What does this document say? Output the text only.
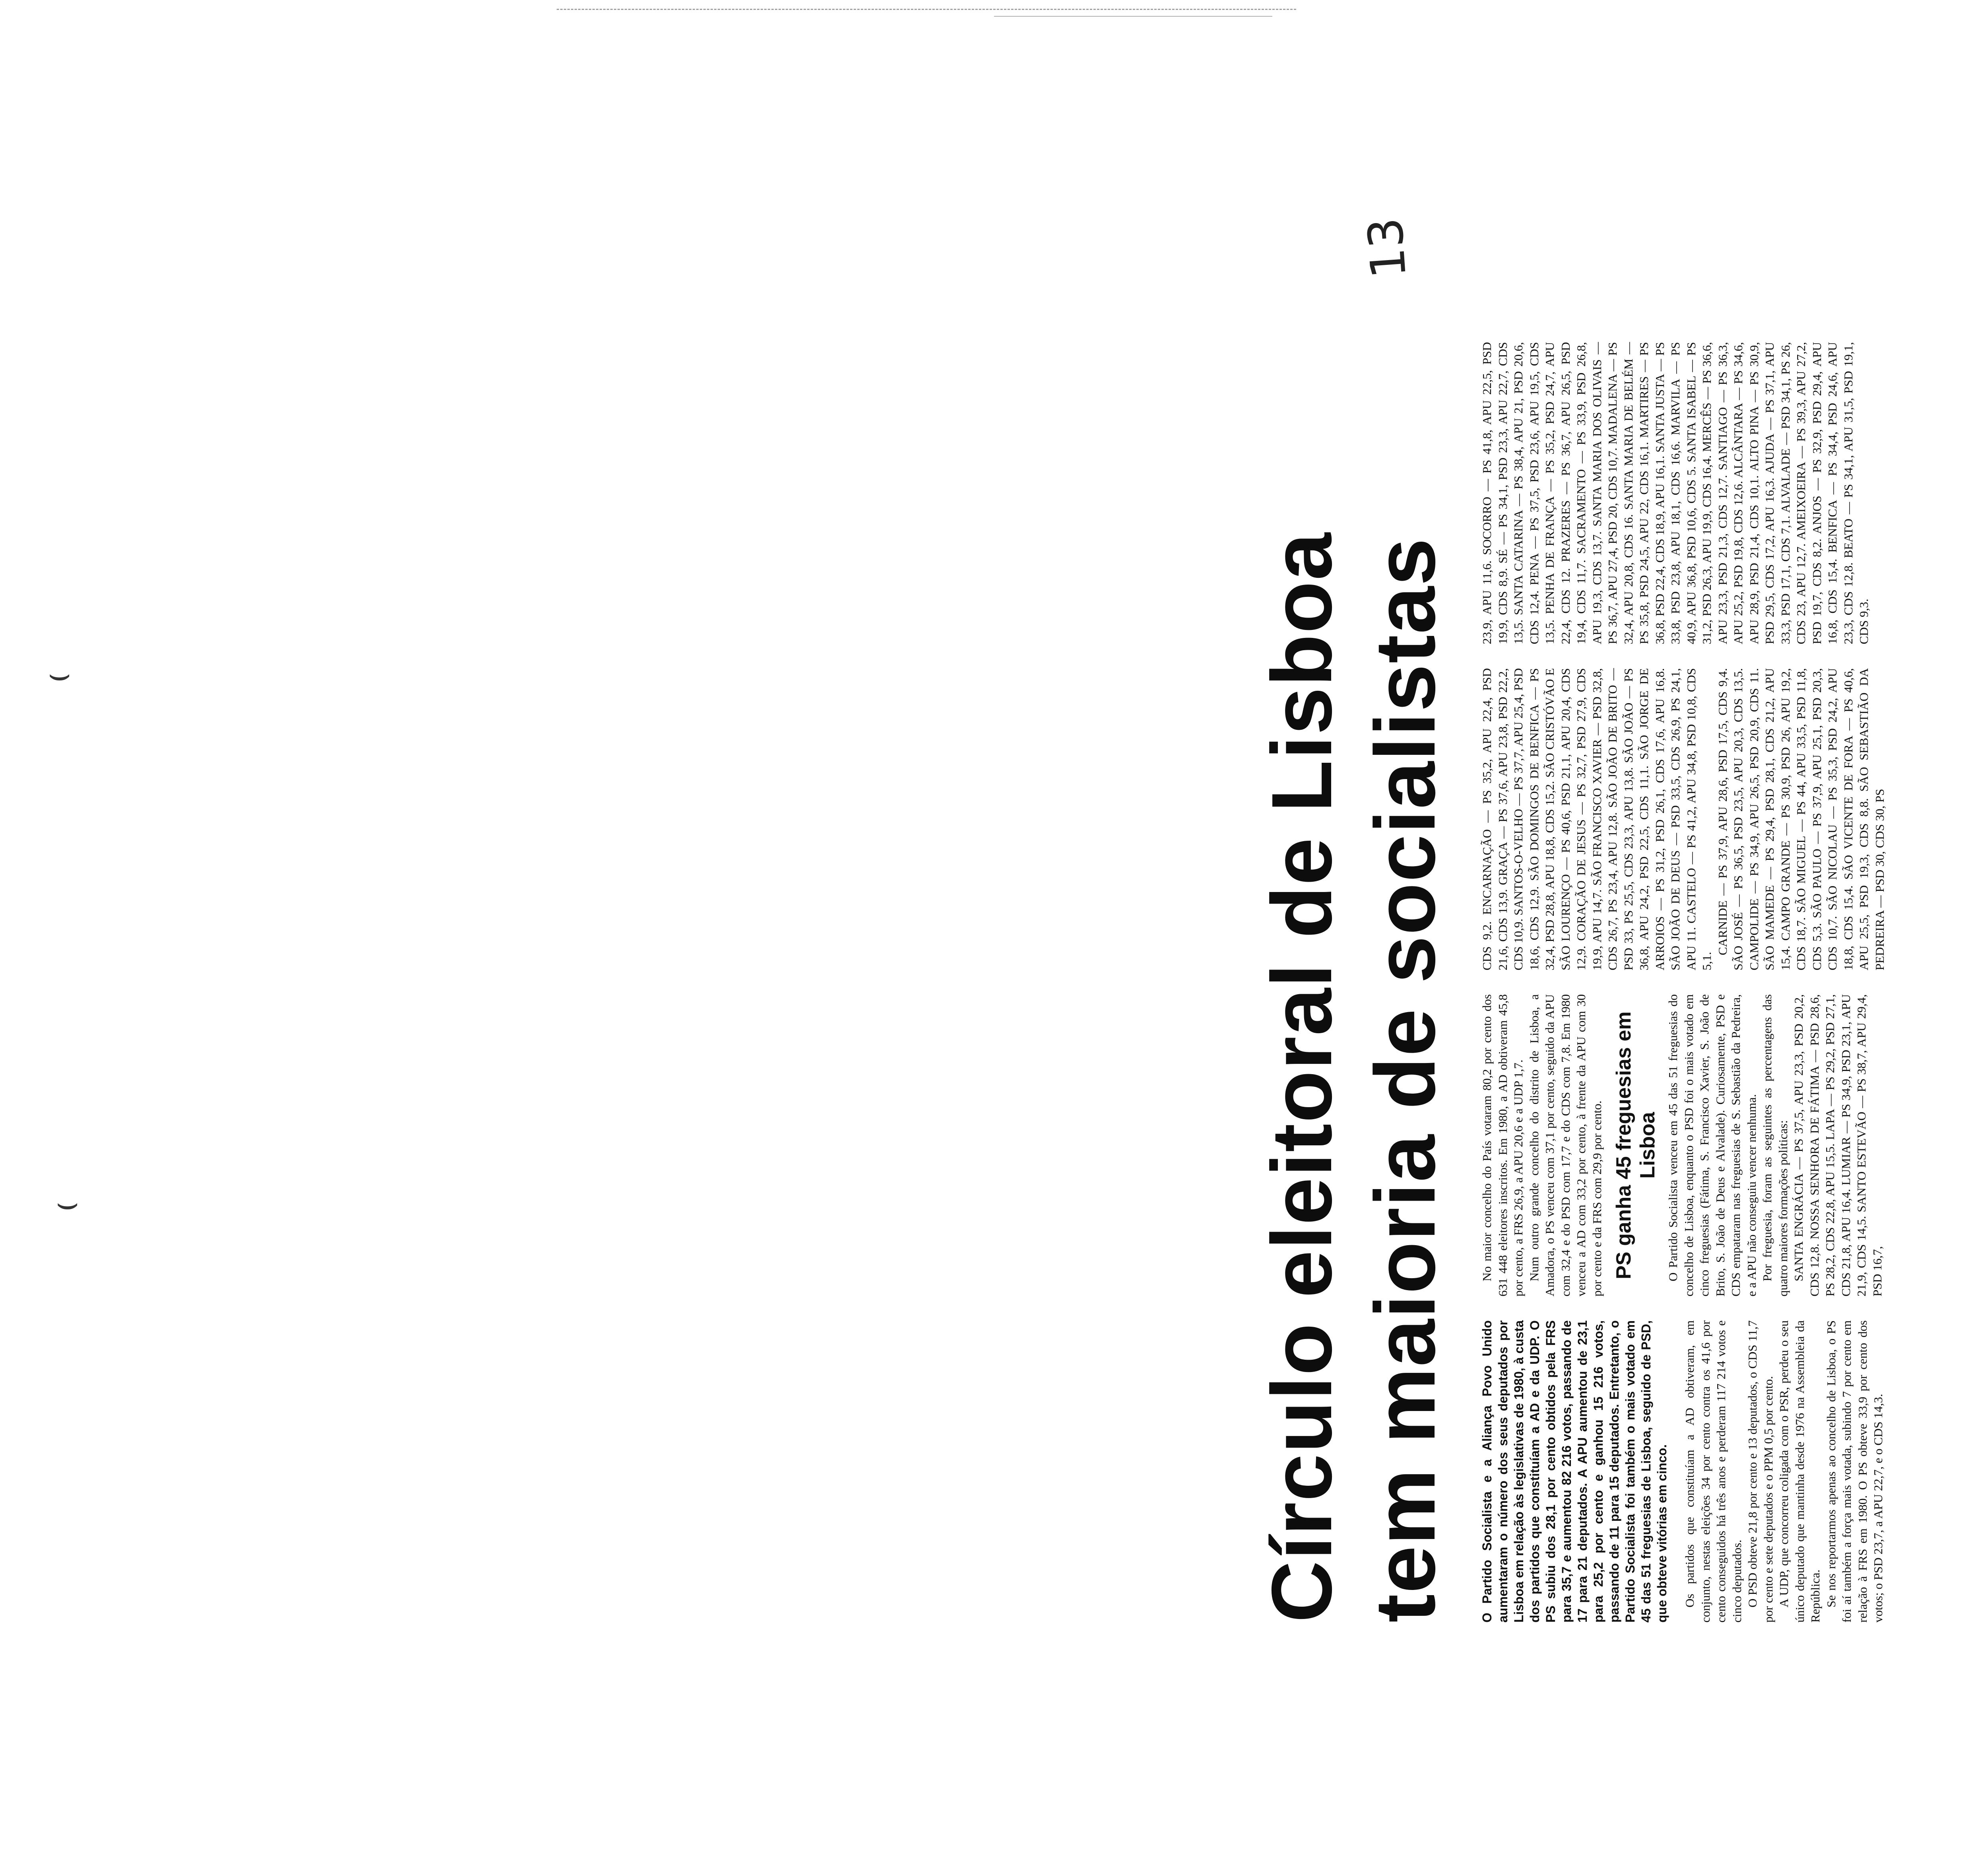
⌣
⌣	Círculo eleitoral de Lisboa tem maioria de socialistas
13

O Partido Socialista e a Aliança Povo Unido aumentaram o número dos seus deputados por Lisboa em relação às legislativas de 1980, à custa dos partidos que constituíam a AD e da UDP. O PS subiu dos 28,1 por cento obtidos pela FRS para 35,7 e aumentou 82 216 votos, passando de 17 para 21 deputados. A APU aumentou de 23,1 para 25,2 por cento e ganhou 15 216 votos, passando de 11 para 15 deputados. Entretanto, o Partido Socialista foi também o mais votado em 45 das 51 freguesias de Lisboa, seguido de PSD, que obteve vitórias em cinco. Os partidos que constituíam a AD obtiveram, em conjunto, nestas eleições 34 por cento contra os 41,6 por cento conseguidos há três anos e perderam 117 214 votos e cinco deputados. O PSD obteve 21,8 por cento e 13 deputados, o CDS 11,7 por cento e sete deputados e o PPM 0,5 por cento. A UDP, que concorreu coligada com o PSR, perdeu o seu único deputado que mantinha desde 1976 na Assembleia da República. Se nos reportarmos apenas ao concelho de Lisboa, o PS foi aí também a força mais votada, subindo 7 por cento em relação à FRS em 1980. O PS obteve 33,9 por cento dos votos; o PSD 23,7, a APU 22,7, e o CDS 14,3.

No maior concelho do País votaram 80,2 por cento dos 631 448 eleitores inscritos. Em 1980, a AD obtiveram 45,8 por cento, a FRS 26,9, a APU 20,6 e a UDP 1,7. Num outro grande concelho do distrito de Lisboa, a Amadora, o PS venceu com 37,1 por cento, seguido da APU com 32,4 e do PSD com 17,7 e do CDS com 7,8. Em 1980 venceu a AD com 33,2 por cento, à frente da APU com 30 por cento e da FRS com 29,9 por cento. PS ganha 45 freguesias em Lisboa O Partido Socialista venceu em 45 das 51 freguesias do concelho de Lisboa, enquanto o PSD foi o mais votado em cinco freguesias (Fátima, S. Francisco Xavier, S. João de Brito, S. João de Deus e Alvalade). Curiosamente, PSD e CDS empataram nas freguesias de S. Sebastião da Pedreira, e a APU não conseguiu vencer nenhuma. Por freguesia, foram as seguintes as percentagens das quatro maiores formações políticas: SANTA ENGRÁCIA — PS 37,5, APU 23,3, PSD 20,2, CDS 12,8. NOSSA SENHORA DE FÁTIMA — PSD 28,6, PS 28,2, CDS 22,8, APU 15,5. LAPA — PS 29,2, PSD 27,1, CDS 21,8, APU 16,4. LUMIAR — PS 34,9, PSD 23,1, APU 21,9, CDS 14,5. SANTO ESTEVÃO — PS 38,7, APU 29,4, PSD 16,7,

CDS 9,2. ENCARNAÇÃO — PS 35,2, APU 22,4, PSD 21,6, CDS 13,9. GRAÇA — PS 37,6, APU 23,8, PSD 22,2, CDS 10,9. SANTOS-O-VELHO — PS 37,7, APU 25,4, PSD 18,6, CDS 12,9. SÃO DOMINGOS DE BENFICA — PS 32,4, PSD 28,8, APU 18,8, CDS 15,2. SÃO CRISTÓVÃO E SÃO LOURENÇO — PS 40,6, PSD 21,1, APU 20,4, CDS 12,9. CORAÇÃO DE JESUS — PS 32,7, PSD 27,9, CDS 19,9, APU 14,7. SÃO FRANCISCO XAVIER — PSD 32,8, CDS 26,7, PS 23,4, APU 12,8. SÃO JOÃO DE BRITO — PSD 33, PS 25,5, CDS 23,3, APU 13,8. SÃO JOÃO — PS 36,8, APU 24,2, PSD 22,5, CDS 11,1. SÃO JORGE DE ARROIOS — PS 31,2, PSD 26,1, CDS 17,6, APU 16,8. SÃO JOÃO DE DEUS — PSD 33,5, CDS 26,9, PS 24,1, APU 11. CASTELO — PS 41,2, APU 34,8, PSD 10,8, CDS 5,1.

CARNIDE — PS 37,9, APU 28,6, PSD 17,5, CDS 9,4. SÃO JOSÉ — PS 36,5, PSD 23,5, APU 20,3, CDS 13,5. CAMPOLIDE — PS 34,9, APU 26,5, PSD 20,9, CDS 11. SÃO MAMEDE — PS 29,4, PSD 28,1, CDS 21,2, APU 15,4. CAMPO GRANDE — PS 30,9, PSD 26, APU 19,2, CDS 18,7. SÃO MIGUEL — PS 44, APU 33,5, PSD 11,8, CDS 5,3. SÃO PAULO — PS 37,9, APU 25,1, PSD 20,3, CDS 10,7. SÃO NICOLAU — PS 35,3, PSD 24,2, APU 18,8, CDS 15,4. SÃO VICENTE DE FORA — PS 40,6, APU 25,5, PSD 19,3, CDS 8,8. SÃO SEBASTIÃO DA PEDREIRA — PSD 30, CDS 30, PS

23,9, APU 11,6. SOCORRO — PS 41,8, APU 22,5, PSD 19,9, CDS 8,9. SÉ — PS 34,1, PSD 23,3, APU 22,7, CDS 13,5. SANTA CATARINA — PS 38,4, APU 21, PSD 20,6, CDS 12,4. PENA — PS 37,5, PSD 23,6, APU 19,5, CDS 13,5. PENHA DE FRANÇA — PS 35,2, PSD 24,7, APU 22,4, CDS 12. PRAZERES — PS 36,7, APU 26,5, PSD 19,4, CDS 11,7. SACRAMENTO — PS 33,9, PSD 26,8, APU 19,3, CDS 13,7. SANTA MARIA DOS OLIVAIS — PS 36,7, APU 27,4, PSD 20, CDS 10,7. MADALENA — PS 32,4, APU 20,8, CDS 16. SANTA MARIA DE BELÉM — PS 35,8, PSD 24,5, APU 22, CDS 16,1. MARTIRES — PS 36,8, PSD 22,4, CDS 18,9, APU 16,1. SANTA JUSTA — PS 33,8, PSD 23,8, APU 18,1, CDS 16,6. MARVILA — PS 40,9, APU 36,8, PSD 10,6, CDS 5. SANTA ISABEL — PS 31,2, PSD 26,3, APU 19,9, CDS 16,4. MERCÊS — PS 36,6, APU 23,3, PSD 21,3, CDS 12,7. SANTIAGO — PS 36,3, APU 25,2, PSD 19,8, CDS 12,6. ALCÂNTARA — PS 34,6, APU 28,9, PSD 21,4, CDS 10,1. ALTO PINA — PS 30,9, PSD 29,5, CDS 17,2, APU 16,3. AJUDA — PS 37,1, APU 33,3, PSD 17,1, CDS 7,1. ALVALADE — PSD 34,1, PS 26, CDS 23, APU 12,7. AMEIXOEIRA — PS 39,3, APU 27,2, PSD 19,7, CDS 8,2. ANJOS — PS 32,9, PSD 29,4, APU 16,8, CDS 15,4. BENFICA — PS 34,4, PSD 24,6, APU 23,3, CDS 12,8. BEATO — PS 34,1, APU 31,5, PSD 19,1, CDS 9,3.
